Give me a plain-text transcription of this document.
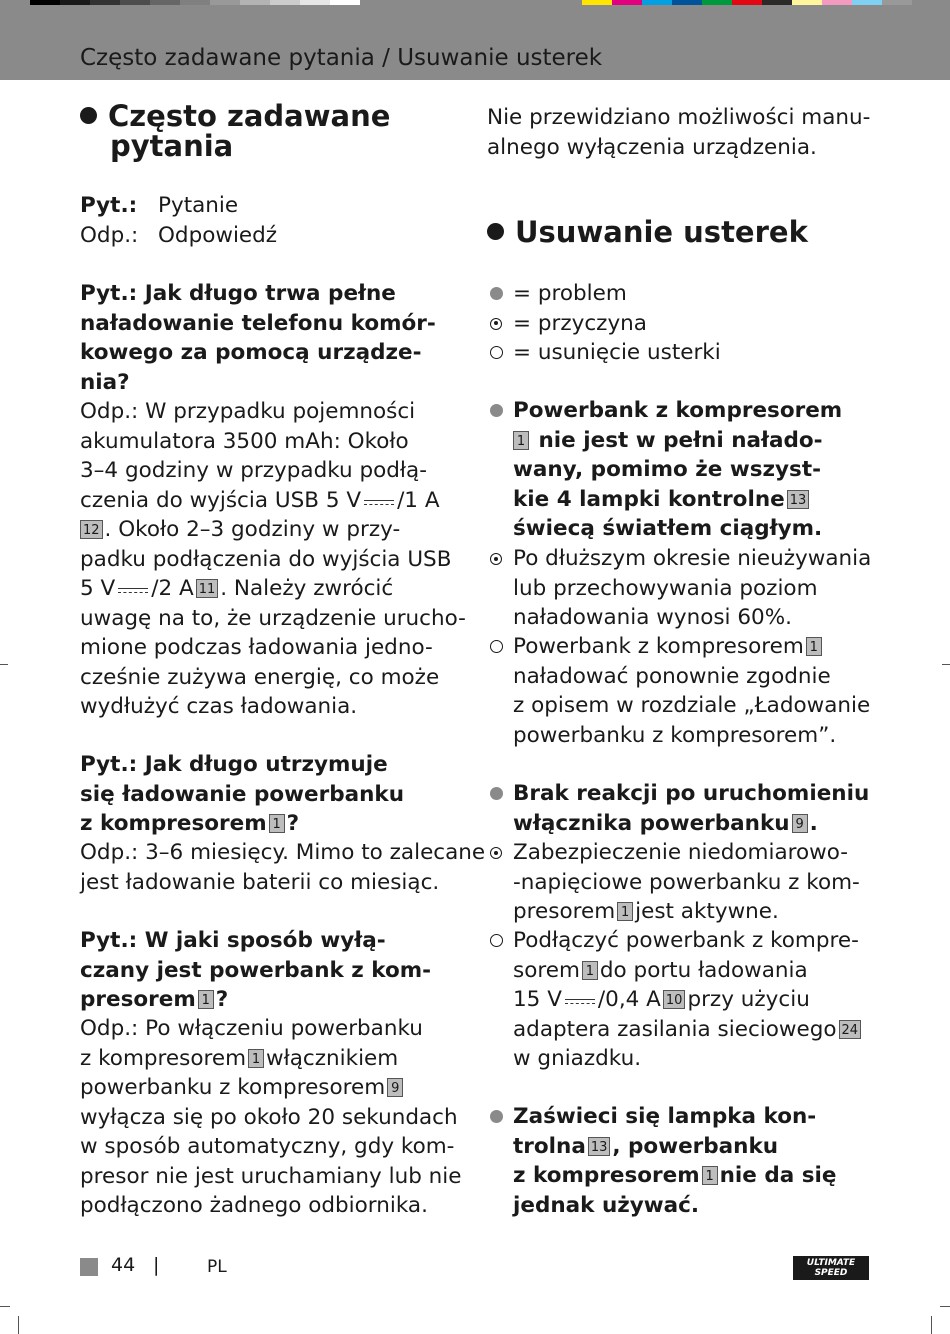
Często zadawane pytania / Usuwanie usterek
Często zadawane
pytania
Pyt.: Pytanie
Odp.: Odpowiedź
Pyt.: Jak długo trwa pełne
naładowanie telefonu komór-
kowego za pomocą urządze-
nia?
Odp.: W przypadku pojemności
akumulatora 3500 mAh: Około
3–4 godziny w przypadku podłą-
czenia do wyjścia USB 5 V /1 A
12 . Około 2–3 godziny w przy-
padku podłączenia do wyjścia USB
5 V /2 A 11 . Należy zwrócić
uwagę na to, że urządzenie urucho-
mione podczas ładowania jedno-
cześnie zużywa energię, co może
wydłużyć czas ładowania.
Pyt.: Jak długo utrzymuje
się ładowanie powerbanku
z kompresorem 1 ?
Odp.: 3–6 miesięcy. Mimo to zalecane
jest ładowanie baterii co miesiąc.
Pyt.: W jaki sposób wyłą-
czany jest powerbank z kom-
presorem 1 ?
Odp.: Po włączeniu powerbanku
z kompresorem 1 włącznikiem
powerbanku z kompresorem 9
wyłącza się po około 20 sekundach
w sposób automatyczny, gdy kom-
presor nie jest uruchamiany lub nie
podłączono żadnego odbiornika.
Nie przewidziano możliwości manu-
alnego wyłączenia urządzenia.
Usuwanie usterek
= problem
= przyczyna
= usunięcie usterki
Powerbank z kompresorem
1 nie jest w pełni nałado-
wany, pomimo że wszyst-
kie 4 lampki kontrolne 13
świecą światłem ciągłym.
Po dłuższym okresie nieużywania
lub przechowywania poziom
naładowania wynosi 60%.
Powerbank z kompresorem 1
naładować ponownie zgodnie
z opisem w rozdziale „Ładowanie
powerbanku z kompresorem”.
Brak reakcji po uruchomieniu
włącznika powerbanku 9 .
Zabezpieczenie niedomiarowo-
-napięciowe powerbanku z kom-
presorem 1 jest aktywne.
Podłączyć powerbank z kompre-
sorem 1 do portu ładowania
15 V /0,4 A 10 przy użyciu
adaptera zasilania sieciowego 24
w gniazdku.
Zaświeci się lampka kon-
trolna 13 , powerbanku
z kompresorem 1 nie da się
jednak używać.
44 |	PL	ULTIMATE
SPEED
